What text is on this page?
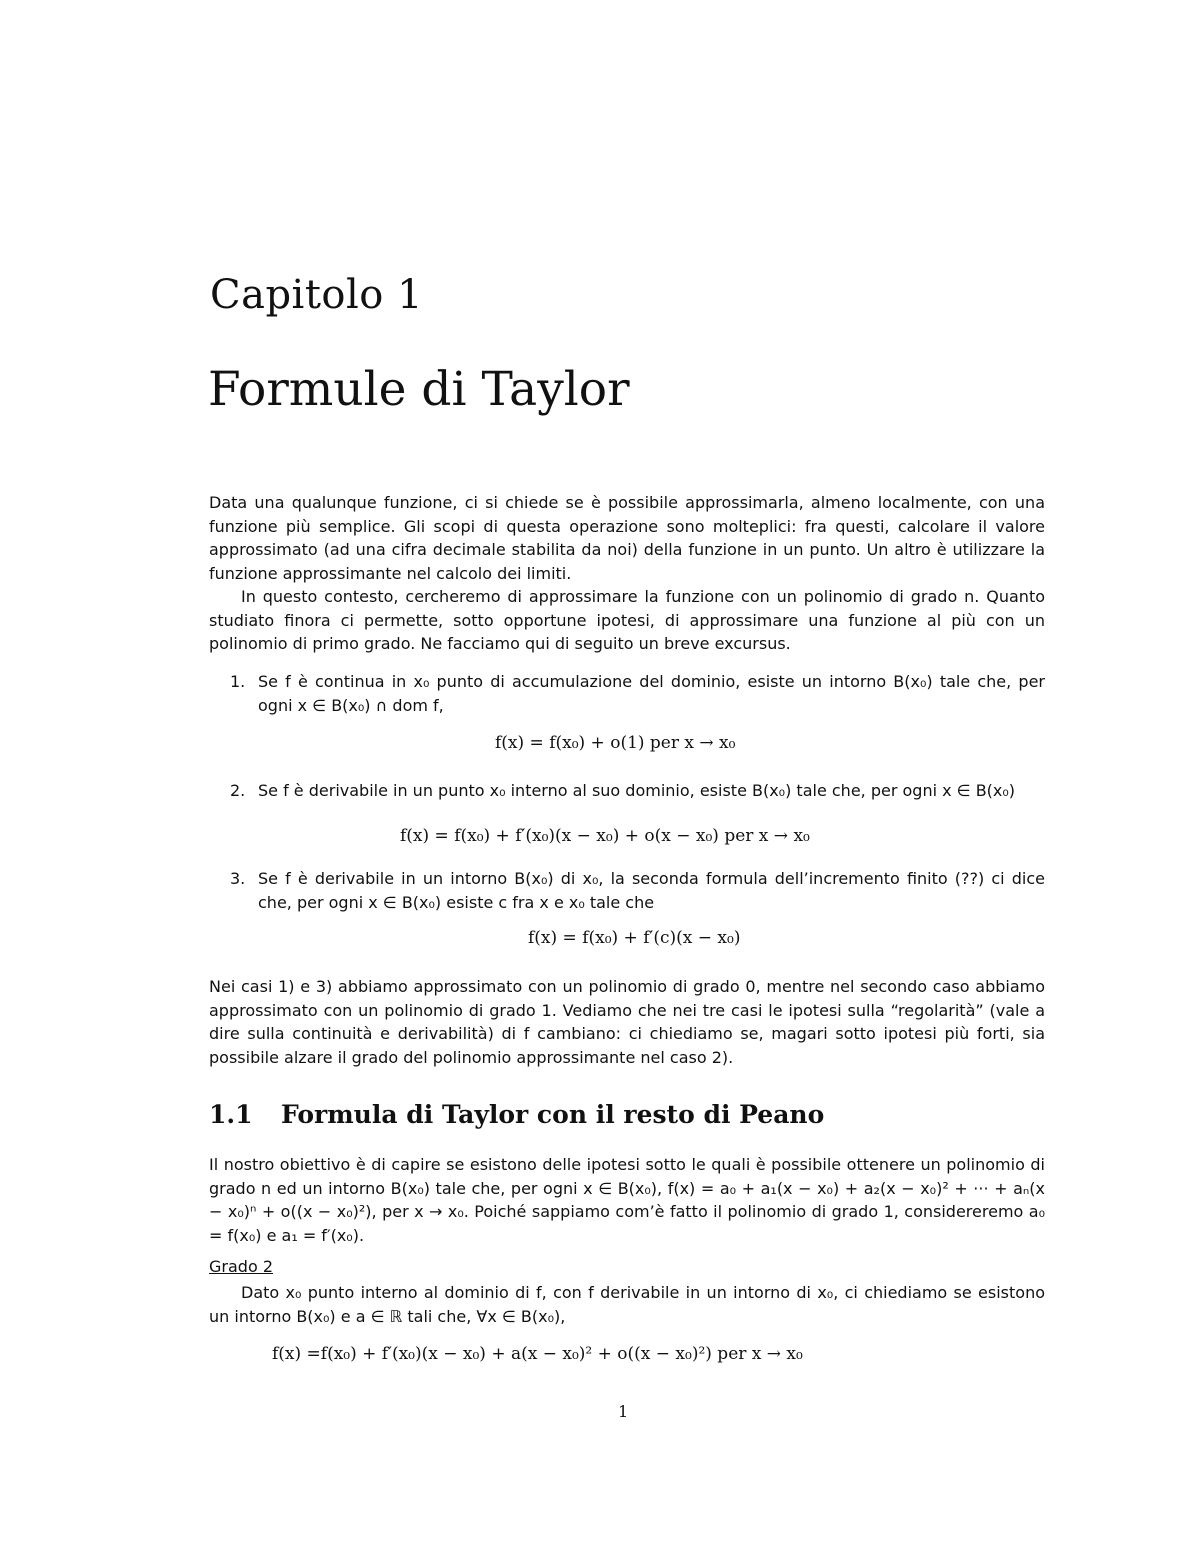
Capitolo 1
Formule di Taylor
Data una qualunque funzione, ci si chiede se è possibile approssimarla, almeno localmente, con una funzione più semplice. Gli scopi di questa operazione sono molteplici: fra questi, calcolare il valore approssimato (ad una cifra decimale stabilita da noi) della funzione in un punto. Un altro è utilizzare la funzione approssimante nel calcolo dei limiti.
In questo contesto, cercheremo di approssimare la funzione con un polinomio di grado n. Quanto studiato finora ci permette, sotto opportune ipotesi, di approssimare una funzione al più con un polinomio di primo grado. Ne facciamo qui di seguito un breve excursus.
1. Se f è continua in x₀ punto di accumulazione del dominio, esiste un intorno B(x₀) tale che, per ogni x ∈ B(x₀) ∩ dom f,
f(x) = f(x₀) + o(1) per x → x₀
2. Se f è derivabile in un punto x₀ interno al suo dominio, esiste B(x₀) tale che, per ogni x ∈ B(x₀)
f(x) = f(x₀) + f′(x₀)(x − x₀) + o(x − x₀) per x → x₀
3. Se f è derivabile in un intorno B(x₀) di x₀, la seconda formula dell’incremento finito (??) ci dice che, per ogni x ∈ B(x₀) esiste c fra x e x₀ tale che
f(x) = f(x₀) + f′(c)(x − x₀)
Nei casi 1) e 3) abbiamo approssimato con un polinomio di grado 0, mentre nel secondo caso abbiamo approssimato con un polinomio di grado 1. Vediamo che nei tre casi le ipotesi sulla “regolarità” (vale a dire sulla continuità e derivabilità) di f cambiano: ci chiediamo se, magari sotto ipotesi più forti, sia possibile alzare il grado del polinomio approssimante nel caso 2).
1.1 Formula di Taylor con il resto di Peano
Il nostro obiettivo è di capire se esistono delle ipotesi sotto le quali è possibile ottenere un polinomio di grado n ed un intorno B(x₀) tale che, per ogni x ∈ B(x₀), f(x) = a₀ + a₁(x − x₀) + a₂(x − x₀)² + ··· + aₙ(x − x₀)ⁿ + o((x − x₀)²), per x → x₀. Poiché sappiamo com’è fatto il polinomio di grado 1, considereremo a₀ = f(x₀) e a₁ = f′(x₀).
Grado 2
Dato x₀ punto interno al dominio di f, con f derivabile in un intorno di x₀, ci chiediamo se esistono un intorno B(x₀) e a ∈ ℝ tali che, ∀x ∈ B(x₀),
f(x) =f(x₀) + f′(x₀)(x − x₀) + a(x − x₀)² + o((x − x₀)²) per x → x₀
1
